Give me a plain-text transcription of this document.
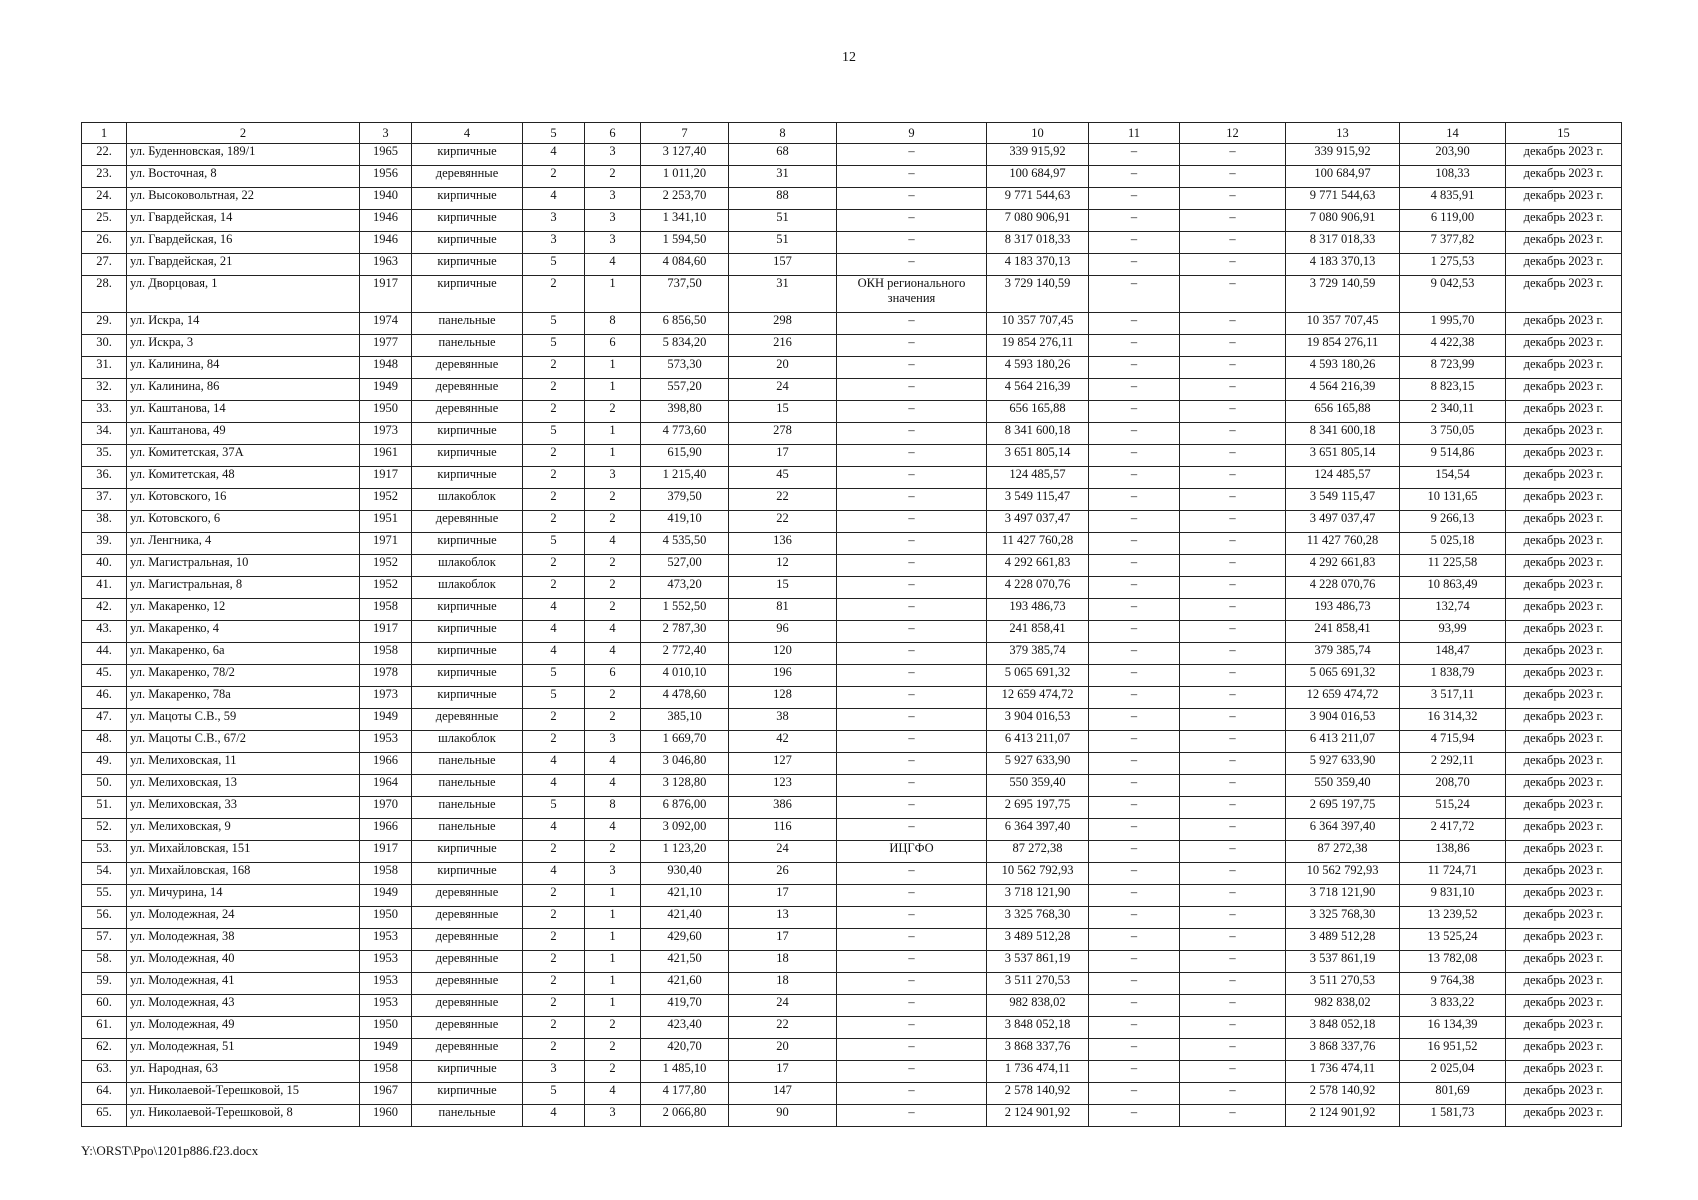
12
1	2	3	4	5	6	7	8	9	10	11	12	13	14	15
22.	ул. Буденновская, 189/1	1965	кирпичные	4	3	3 127,40	68	–	339 915,92	–	–	339 915,92	203,90	декабрь 2023 г.
23.	ул. Восточная, 8	1956	деревянные	2	2	1 011,20	31	–	100 684,97	–	–	100 684,97	108,33	декабрь 2023 г.
24.	ул. Высоковольтная, 22	1940	кирпичные	4	3	2 253,70	88	–	9 771 544,63	–	–	9 771 544,63	4 835,91	декабрь 2023 г.
25.	ул. Гвардейская, 14	1946	кирпичные	3	3	1 341,10	51	–	7 080 906,91	–	–	7 080 906,91	6 119,00	декабрь 2023 г.
26.	ул. Гвардейская, 16	1946	кирпичные	3	3	1 594,50	51	–	8 317 018,33	–	–	8 317 018,33	7 377,82	декабрь 2023 г.
27.	ул. Гвардейская, 21	1963	кирпичные	5	4	4 084,60	157	–	4 183 370,13	–	–	4 183 370,13	1 275,53	декабрь 2023 г.
28.	ул. Дворцовая, 1	1917	кирпичные	2	1	737,50	31	ОКН регионального значения	3 729 140,59	–	–	3 729 140,59	9 042,53	декабрь 2023 г.
29.	ул. Искра, 14	1974	панельные	5	8	6 856,50	298	–	10 357 707,45	–	–	10 357 707,45	1 995,70	декабрь 2023 г.
30.	ул. Искра, 3	1977	панельные	5	6	5 834,20	216	–	19 854 276,11	–	–	19 854 276,11	4 422,38	декабрь 2023 г.
31.	ул. Калинина, 84	1948	деревянные	2	1	573,30	20	–	4 593 180,26	–	–	4 593 180,26	8 723,99	декабрь 2023 г.
32.	ул. Калинина, 86	1949	деревянные	2	1	557,20	24	–	4 564 216,39	–	–	4 564 216,39	8 823,15	декабрь 2023 г.
33.	ул. Каштанова, 14	1950	деревянные	2	2	398,80	15	–	656 165,88	–	–	656 165,88	2 340,11	декабрь 2023 г.
34.	ул. Каштанова, 49	1973	кирпичные	5	1	4 773,60	278	–	8 341 600,18	–	–	8 341 600,18	3 750,05	декабрь 2023 г.
35.	ул. Комитетская, 37А	1961	кирпичные	2	1	615,90	17	–	3 651 805,14	–	–	3 651 805,14	9 514,86	декабрь 2023 г.
36.	ул. Комитетская, 48	1917	кирпичные	2	3	1 215,40	45	–	124 485,57	–	–	124 485,57	154,54	декабрь 2023 г.
37.	ул. Котовского, 16	1952	шлакоблок	2	2	379,50	22	–	3 549 115,47	–	–	3 549 115,47	10 131,65	декабрь 2023 г.
38.	ул. Котовского, 6	1951	деревянные	2	2	419,10	22	–	3 497 037,47	–	–	3 497 037,47	9 266,13	декабрь 2023 г.
39.	ул. Ленгника, 4	1971	кирпичные	5	4	4 535,50	136	–	11 427 760,28	–	–	11 427 760,28	5 025,18	декабрь 2023 г.
40.	ул. Магистральная, 10	1952	шлакоблок	2	2	527,00	12	–	4 292 661,83	–	–	4 292 661,83	11 225,58	декабрь 2023 г.
41.	ул. Магистральная, 8	1952	шлакоблок	2	2	473,20	15	–	4 228 070,76	–	–	4 228 070,76	10 863,49	декабрь 2023 г.
42.	ул. Макаренко, 12	1958	кирпичные	4	2	1 552,50	81	–	193 486,73	–	–	193 486,73	132,74	декабрь 2023 г.
43.	ул. Макаренко, 4	1917	кирпичные	4	4	2 787,30	96	–	241 858,41	–	–	241 858,41	93,99	декабрь 2023 г.
44.	ул. Макаренко, 6а	1958	кирпичные	4	4	2 772,40	120	–	379 385,74	–	–	379 385,74	148,47	декабрь 2023 г.
45.	ул. Макаренко, 78/2	1978	кирпичные	5	6	4 010,10	196	–	5 065 691,32	–	–	5 065 691,32	1 838,79	декабрь 2023 г.
46.	ул. Макаренко, 78а	1973	кирпичные	5	2	4 478,60	128	–	12 659 474,72	–	–	12 659 474,72	3 517,11	декабрь 2023 г.
47.	ул. Мацоты С.В., 59	1949	деревянные	2	2	385,10	38	–	3 904 016,53	–	–	3 904 016,53	16 314,32	декабрь 2023 г.
48.	ул. Мацоты С.В., 67/2	1953	шлакоблок	2	3	1 669,70	42	–	6 413 211,07	–	–	6 413 211,07	4 715,94	декабрь 2023 г.
49.	ул. Мелиховская, 11	1966	панельные	4	4	3 046,80	127	–	5 927 633,90	–	–	5 927 633,90	2 292,11	декабрь 2023 г.
50.	ул. Мелиховская, 13	1964	панельные	4	4	3 128,80	123	–	550 359,40	–	–	550 359,40	208,70	декабрь 2023 г.
51.	ул. Мелиховская, 33	1970	панельные	5	8	6 876,00	386	–	2 695 197,75	–	–	2 695 197,75	515,24	декабрь 2023 г.
52.	ул. Мелиховская, 9	1966	панельные	4	4	3 092,00	116	–	6 364 397,40	–	–	6 364 397,40	2 417,72	декабрь 2023 г.
53.	ул. Михайловская, 151	1917	кирпичные	2	2	1 123,20	24	ИЦГФО	87 272,38	–	–	87 272,38	138,86	декабрь 2023 г.
54.	ул. Михайловская, 168	1958	кирпичные	4	3	930,40	26	–	10 562 792,93	–	–	10 562 792,93	11 724,71	декабрь 2023 г.
55.	ул. Мичурина, 14	1949	деревянные	2	1	421,10	17	–	3 718 121,90	–	–	3 718 121,90	9 831,10	декабрь 2023 г.
56.	ул. Молодежная, 24	1950	деревянные	2	1	421,40	13	–	3 325 768,30	–	–	3 325 768,30	13 239,52	декабрь 2023 г.
57.	ул. Молодежная, 38	1953	деревянные	2	1	429,60	17	–	3 489 512,28	–	–	3 489 512,28	13 525,24	декабрь 2023 г.
58.	ул. Молодежная, 40	1953	деревянные	2	1	421,50	18	–	3 537 861,19	–	–	3 537 861,19	13 782,08	декабрь 2023 г.
59.	ул. Молодежная, 41	1953	деревянные	2	1	421,60	18	–	3 511 270,53	–	–	3 511 270,53	9 764,38	декабрь 2023 г.
60.	ул. Молодежная, 43	1953	деревянные	2	1	419,70	24	–	982 838,02	–	–	982 838,02	3 833,22	декабрь 2023 г.
61.	ул. Молодежная, 49	1950	деревянные	2	2	423,40	22	–	3 848 052,18	–	–	3 848 052,18	16 134,39	декабрь 2023 г.
62.	ул. Молодежная, 51	1949	деревянные	2	2	420,70	20	–	3 868 337,76	–	–	3 868 337,76	16 951,52	декабрь 2023 г.
63.	ул. Народная, 63	1958	кирпичные	3	2	1 485,10	17	–	1 736 474,11	–	–	1 736 474,11	2 025,04	декабрь 2023 г.
64.	ул. Николаевой-Терешковой, 15	1967	кирпичные	5	4	4 177,80	147	–	2 578 140,92	–	–	2 578 140,92	801,69	декабрь 2023 г.
65.	ул. Николаевой-Терешковой, 8	1960	панельные	4	3	2 066,80	90	–	2 124 901,92	–	–	2 124 901,92	1 581,73	декабрь 2023 г.
Y:\ORST\Ppo\1201p886.f23.docx
